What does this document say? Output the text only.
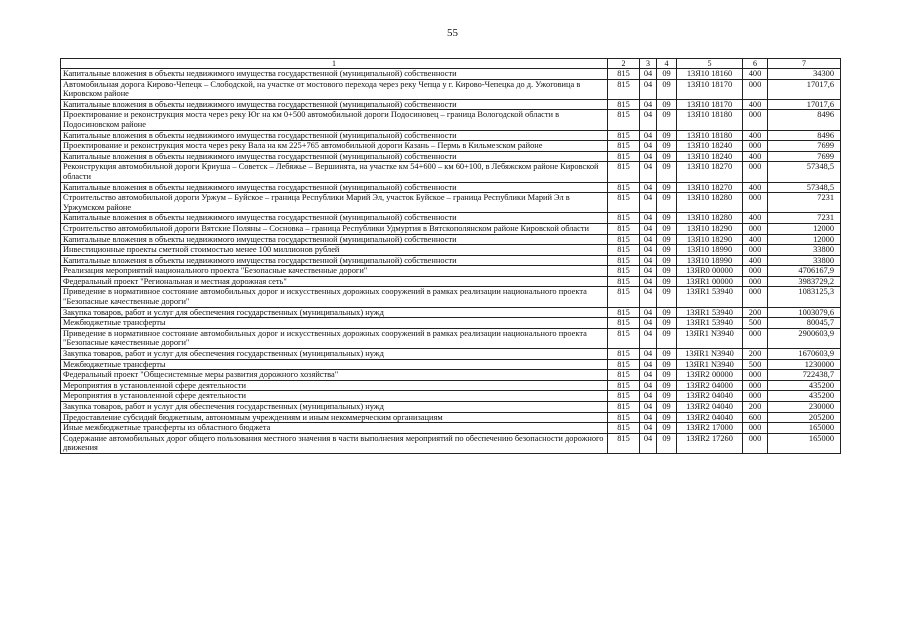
55
1	2	3	4	5	6	7
Капитальные вложения в объекты недвижимого имущества государственной (муниципальной) собственности	815	04	09	13Я10 18160	400	34300
Автомобильная дорога Кирово-Чепецк – Слободской, на участке от мостового перехода через реку Чепца у г. Кирово-Чепецка до д. Ужоговица в Кировском районе	815	04	09	13Я10 18170	000	17017,6
Капитальные вложения в объекты недвижимого имущества государственной (муниципальной) собственности	815	04	09	13Я10 18170	400	17017,6
Проектирование и реконструкция моста через реку Юг на км 0+500 автомобильной дороги Подосиновец – граница Вологодской области в Подосиновском районе	815	04	09	13Я10 18180	000	8496
Капитальные вложения в объекты недвижимого имущества государственной (муниципальной) собственности	815	04	09	13Я10 18180	400	8496
Проектирование и реконструкция моста через реку Вала на км 225+765 автомобильной дороги Казань – Пермь в Кильмезском районе	815	04	09	13Я10 18240	000	7699
Капитальные вложения в объекты недвижимого имущества государственной (муниципальной) собственности	815	04	09	13Я10 18240	400	7699
Реконструкция автомобильной дороги Криуша – Советск – Лебяжье – Вершинята, на участке км 54+600 – км 60+100, в Лебяжском районе Кировской области	815	04	09	13Я10 18270	000	57348,5
Капитальные вложения в объекты недвижимого имущества государственной (муниципальной) собственности	815	04	09	13Я10 18270	400	57348,5
Строительство автомобильной дороги Уржум – Буйское – граница Республики Марий Эл, участок Буйское – граница Республики Марий Эл в Уржумском районе	815	04	09	13Я10 18280	000	7231
Капитальные вложения в объекты недвижимого имущества государственной (муниципальной) собственности	815	04	09	13Я10 18280	400	7231
Строительство автомобильной дороги Вятские Поляны – Сосновка – граница Республики Удмуртия в Вятскополянском районе Кировской области	815	04	09	13Я10 18290	000	12000
Капитальные вложения в объекты недвижимого имущества государственной (муниципальной) собственности	815	04	09	13Я10 18290	400	12000
Инвестиционные проекты сметной стоимостью менее 100 миллионов рублей	815	04	09	13Я10 18990	000	33800
Капитальные вложения в объекты недвижимого имущества государственной (муниципальной) собственности	815	04	09	13Я10 18990	400	33800
Реализация мероприятий национального проекта "Безопасные качественные дороги"	815	04	09	13ЯR0 00000	000	4706167,9
Федеральный проект "Региональная и местная дорожная сеть"	815	04	09	13ЯR1 00000	000	3983729,2
Приведение в нормативное состояние автомобильных дорог и искусственных дорожных сооружений в рамках реализации национального проекта "Безопасные качественные дороги"	815	04	09	13ЯR1 53940	000	1083125,3
Закупка товаров, работ и услуг для обеспечения государственных (муниципальных) нужд	815	04	09	13ЯR1 53940	200	1003079,6
Межбюджетные трансферты	815	04	09	13ЯR1 53940	500	80045,7
Приведение в нормативное состояние автомобильных дорог и искусственных дорожных сооружений в рамках реализации национального проекта "Безопасные качественные дороги"	815	04	09	13ЯR1 N3940	000	2900603,9
Закупка товаров, работ и услуг для обеспечения государственных (муниципальных) нужд	815	04	09	13ЯR1 N3940	200	1670603,9
Межбюджетные трансферты	815	04	09	13ЯR1 N3940	500	1230000
Федеральный проект "Общесистемные меры развития дорожного хозяйства"	815	04	09	13ЯR2 00000	000	722438,7
Мероприятия в установленной сфере деятельности	815	04	09	13ЯR2 04000	000	435200
Мероприятия в установленной сфере деятельности	815	04	09	13ЯR2 04040	000	435200
Закупка товаров, работ и услуг для обеспечения государственных (муниципальных) нужд	815	04	09	13ЯR2 04040	200	230000
Предоставление субсидий бюджетным, автономным учреждениям и иным некоммерческим организациям	815	04	09	13ЯR2 04040	600	205200
Иные межбюджетные трансферты из областного бюджета	815	04	09	13ЯR2 17000	000	165000
Содержание автомобильных дорог общего пользования местного значения в части выполнения мероприятий по обеспечению безопасности дорожного движения	815	04	09	13ЯR2 17260	000	165000
